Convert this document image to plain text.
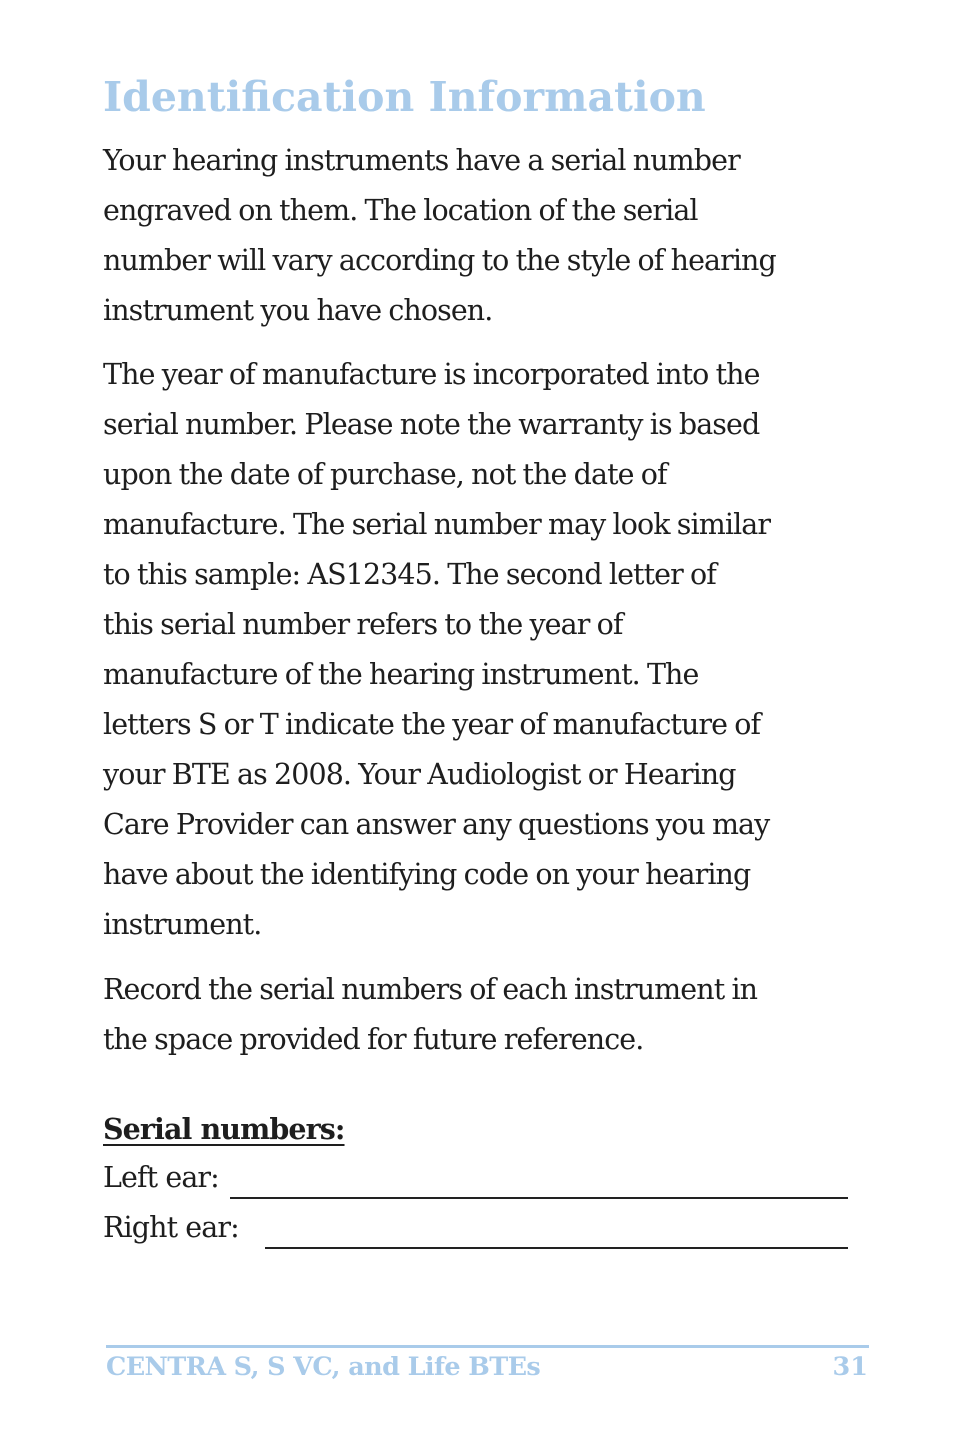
Identification Information

Your hearing instruments have a serial number
engraved on them. The location of the serial
number will vary according to the style of hearing
instrument you have chosen.

The year of manufacture is incorporated into the
serial number. Please note the warranty is based
upon the date of purchase, not the date of
manufacture. The serial number may look similar
to this sample: AS12345. The second letter of
this serial number refers to the year of
manufacture of the hearing instrument. The
letters S or T indicate the year of manufacture of
your BTE as 2008. Your Audiologist or Hearing
Care Provider can answer any questions you may
have about the identifying code on your hearing
instrument.

Record the serial numbers of each instrument in
the space provided for future reference.

Serial numbers:
Left ear:
Right ear:
CENTRA S, S VC, and Life BTEs	31
